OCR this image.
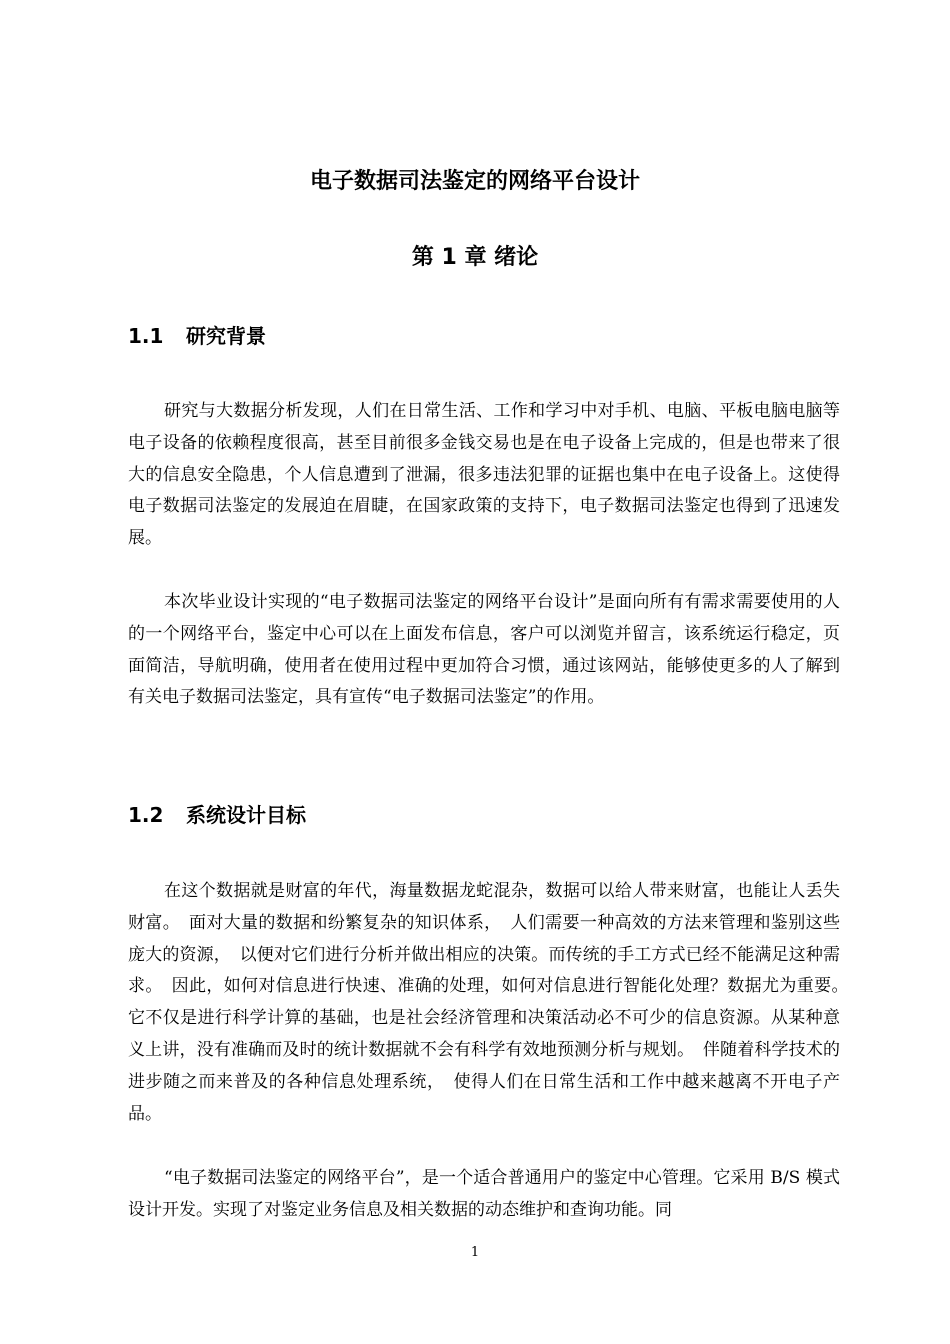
电子数据司法鉴定的网络平台设计
第 1 章 绪论
1.1 研究背景

研究与大数据分析发现，人们在日常生活、工作和学习中对手机、电脑、平板电脑电脑等电子设备的依赖程度很高，甚至目前很多金钱交易也是在电子设备上完成的，但是也带来了很大的信息安全隐患，个人信息遭到了泄漏，很多违法犯罪的证据也集中在电子设备上。这使得电子数据司法鉴定的发展迫在眉睫，在国家政策的支持下，电子数据司法鉴定也得到了迅速发展。

本次毕业设计实现的“电子数据司法鉴定的网络平台设计”是面向所有有需求需要使用的人的一个网络平台，鉴定中心可以在上面发布信息，客户可以浏览并留言，该系统运行稳定，页面简洁，导航明确，使用者在使用过程中更加符合习惯，通过该网站，能够使更多的人了解到有关电子数据司法鉴定，具有宣传“电子数据司法鉴定”的作用。

1.2 系统设计目标

在这个数据就是财富的年代，海量数据龙蛇混杂，数据可以给人带来财富，也能让人丢失财富。　面对大量的数据和纷繁复杂的知识体系，　人们需要一种高效的方法来管理和鉴别这些庞大的资源，　以便对它们进行分析并做出相应的决策。而传统的手工方式已经不能满足这种需求。　因此，如何对信息进行快速、准确的处理，如何对信息进行智能化处理？数据尤为重要。　它不仅是进行科学计算的基础，也是社会经济管理和决策活动必不可少的信息资源。从某种意义上讲，没有准确而及时的统计数据就不会有科学有效地预测分析与规划。　伴随着科学技术的进步随之而来普及的各种信息处理系统，　使得人们在日常生活和工作中越来越离不开电子产品。

“电子数据司法鉴定的网络平台”，是一个适合普通用户的鉴定中心管理。它采用 B/S 模式设计开发。实现了对鉴定业务信息及相关数据的动态维护和查询功能。同

1
